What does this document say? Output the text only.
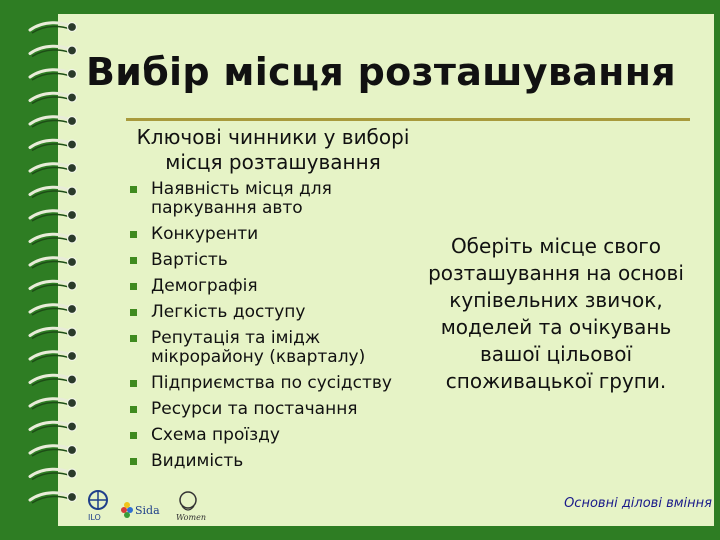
Вибір місця розташування
Ключові чинники у виборі
місця розташування
Наявність місця для паркування авто
Конкуренти
Вартість
Демографія
Легкість доступу
Репутація та імідж мікрорайону (кварталу)
Підприємства по сусідству
Ресурси та постачання
Схема проїзду
Видимість
Оберіть місце свого
розташування на основі
купівельних звичок,
моделей та очікувань
вашої цільової
споживацької групи.
ILO
Sida
Women
Основні ділові вміння
